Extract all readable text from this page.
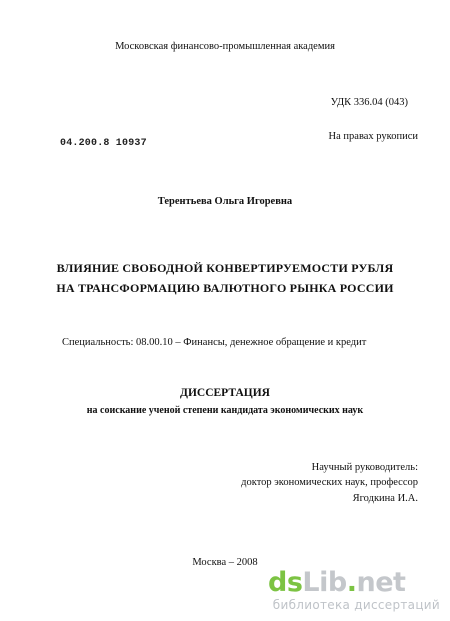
Московская финансово-промышленная академия
УДК 336.04 (043)
На правах рукописи
04.200.8 10937
Терентьева Ольга Игоревна
ВЛИЯНИЕ СВОБОДНОЙ КОНВЕРТИРУЕМОСТИ РУБЛЯ
НА ТРАНСФОРМАЦИЮ ВАЛЮТНОГО РЫНКА РОССИИ
Специальность: 08.00.10 – Финансы, денежное обращение и кредит
ДИССЕРТАЦИЯ
на соискание ученой степени кандидата экономических наук
Научный руководитель:
доктор экономических наук, профессор
Ягодкина И.А.
Москва – 2008
dsLib.net
библиотека диссертаций
